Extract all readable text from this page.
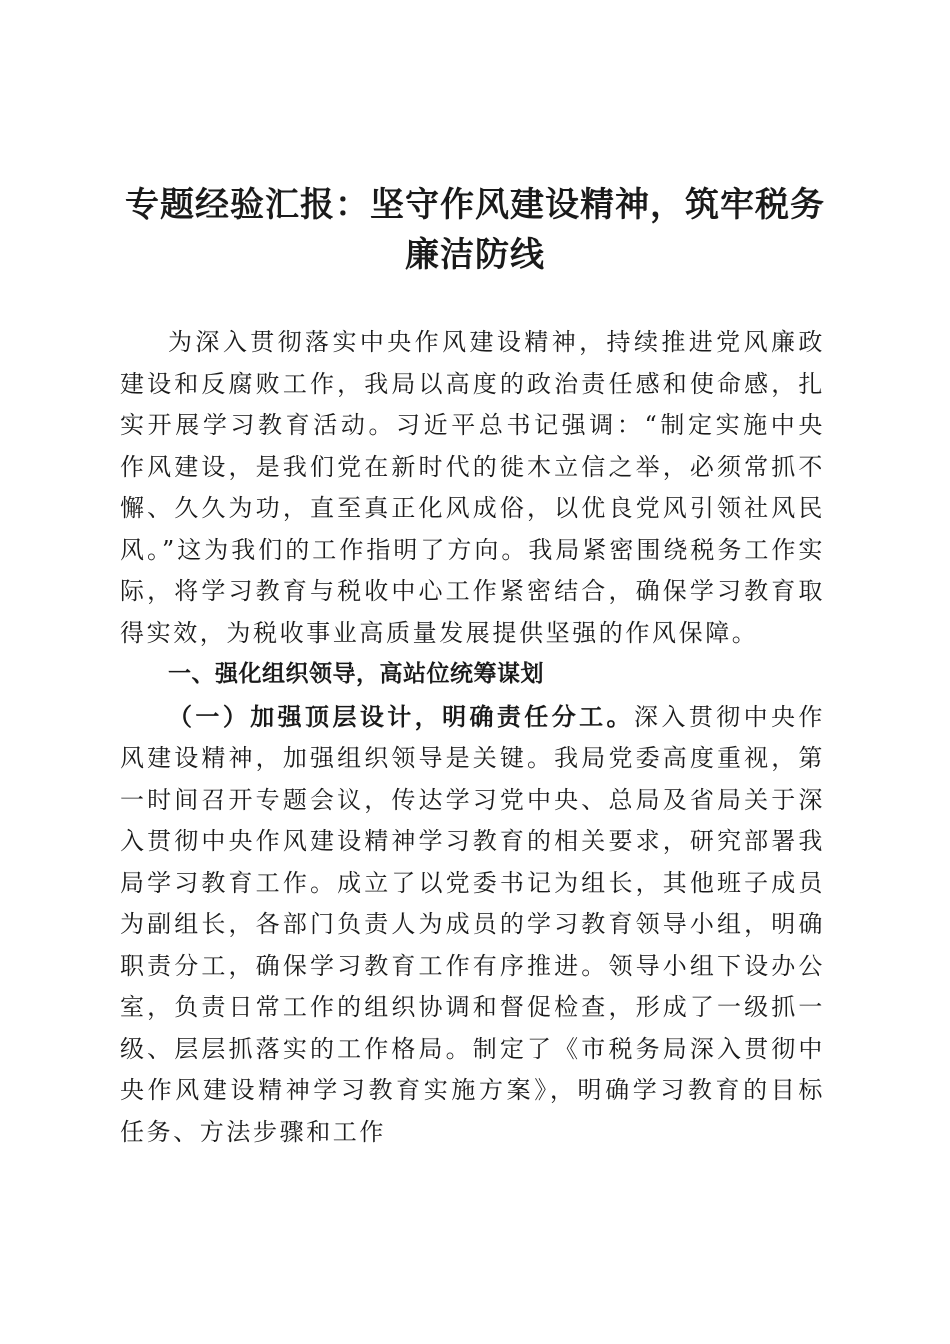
专题经验汇报：坚守作风建设精神，筑牢税务廉洁防线

为深入贯彻落实中央作风建设精神，持续推进党风廉政建设和反腐败工作，我局以高度的政治责任感和使命感，扎实开展学习教育活动。习近平总书记强调：“制定实施中央作风建设，是我们党在新时代的徙木立信之举，必须常抓不懈、久久为功，直至真正化风成俗，以优良党风引领社风民风。”这为我们的工作指明了方向。我局紧密围绕税务工作实际，将学习教育与税收中心工作紧密结合，确保学习教育取得实效，为税收事业高质量发展提供坚强的作风保障。

一、强化组织领导，高站位统筹谋划

（一）加强顶层设计，明确责任分工。深入贯彻中央作风建设精神，加强组织领导是关键。我局党委高度重视，第一时间召开专题会议，传达学习党中央、总局及省局关于深入贯彻中央作风建设精神学习教育的相关要求，研究部署我局学习教育工作。成立了以党委书记为组长，其他班子成员为副组长，各部门负责人为成员的学习教育领导小组，明确职责分工，确保学习教育工作有序推进。领导小组下设办公室，负责日常工作的组织协调和督促检查，形成了一级抓一级、层层抓落实的工作格局。制定了《市税务局深入贯彻中央作风建设精神学习教育实施方案》，明确学习教育的目标任务、方法步骤和工作
